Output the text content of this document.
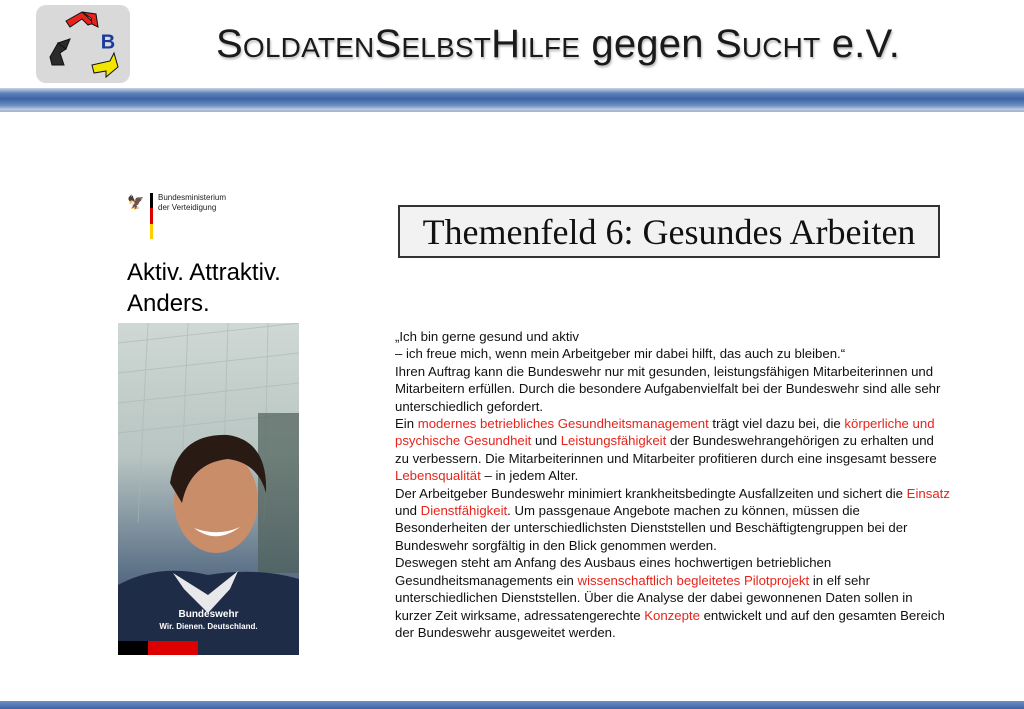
B	SOLDATENSELBSTHILFE gegen SUCHT e.V.
🦅 Bundesministerium
der Verteidigung
Aktiv. Attraktiv.
Anders.
Bundeswehr
Wir. Dienen. Deutschland.
Themenfeld 6: Gesundes Arbeiten

„Ich bin gerne gesund und aktiv

– ich freue mich, wenn mein Arbeitgeber mir dabei hilft, das auch zu bleiben.“

Ihren Auftrag kann die Bundeswehr nur mit gesunden, leistungsfähigen Mitarbeiterinnen und Mitarbeitern erfüllen. Durch die besondere Aufgabenvielfalt bei der Bundeswehr sind alle sehr unterschiedlich gefordert.

Ein modernes betriebliches Gesundheitsmanagement trägt viel dazu bei, die körperliche und psychische Gesundheit und Leistungsfähigkeit der Bundeswehrangehörigen zu erhalten und zu verbessern. Die Mitarbeiterinnen und Mitarbeiter profitieren durch eine insgesamt bessere Lebensqualität – in jedem Alter.

Der Arbeitgeber Bundeswehr minimiert krankheitsbedingte Ausfallzeiten und sichert die Einsatz und Dienstfähigkeit. Um passgenaue Angebote machen zu können, müssen die Besonderheiten der unterschiedlichsten Dienststellen und Beschäftigtengruppen bei der Bundeswehr sorgfältig in den Blick genommen werden.

Deswegen steht am Anfang des Ausbaus eines hochwertigen betrieblichen Gesundheitsmanagements ein wissenschaftlich begleitetes Pilotprojekt in elf sehr unterschiedlichen Dienststellen. Über die Analyse der dabei gewonnenen Daten sollen in kurzer Zeit wirksame, adressatengerechte Konzepte entwickelt und auf den gesamten Bereich der Bundeswehr ausgeweitet werden.
